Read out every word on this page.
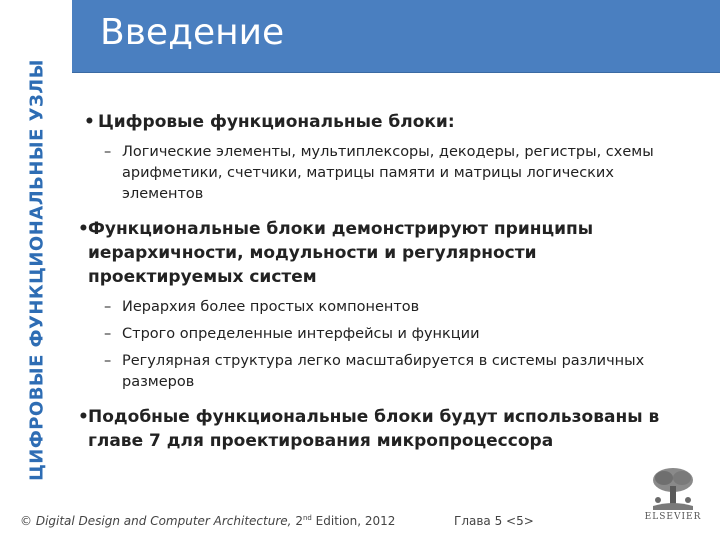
ЦИФРОВЫЕ ФУНКЦИОНАЛЬНЫЕ УЗЛЫ
Введение
• Цифровые функциональные блоки:
– Логические элементы, мультиплексоры, декодеры, регистры, схемы арифметики, счетчики, матрицы памяти и матрицы логических элементов
• Функциональные блоки демонстрируют принципы иерархичности, модульности и регулярности проектируемых систем
– Иерархия более простых компонентов
– Строго определенные интерфейсы и функции
– Регулярная структура легко масштабируется в системы различных размеров
• Подобные функциональные блоки будут использованы в главе 7 для проектирования микропроцессора
© Digital Design and Computer Architecture, 2nd Edition, 2012	Глава 5 <5>	ELSEVIER
